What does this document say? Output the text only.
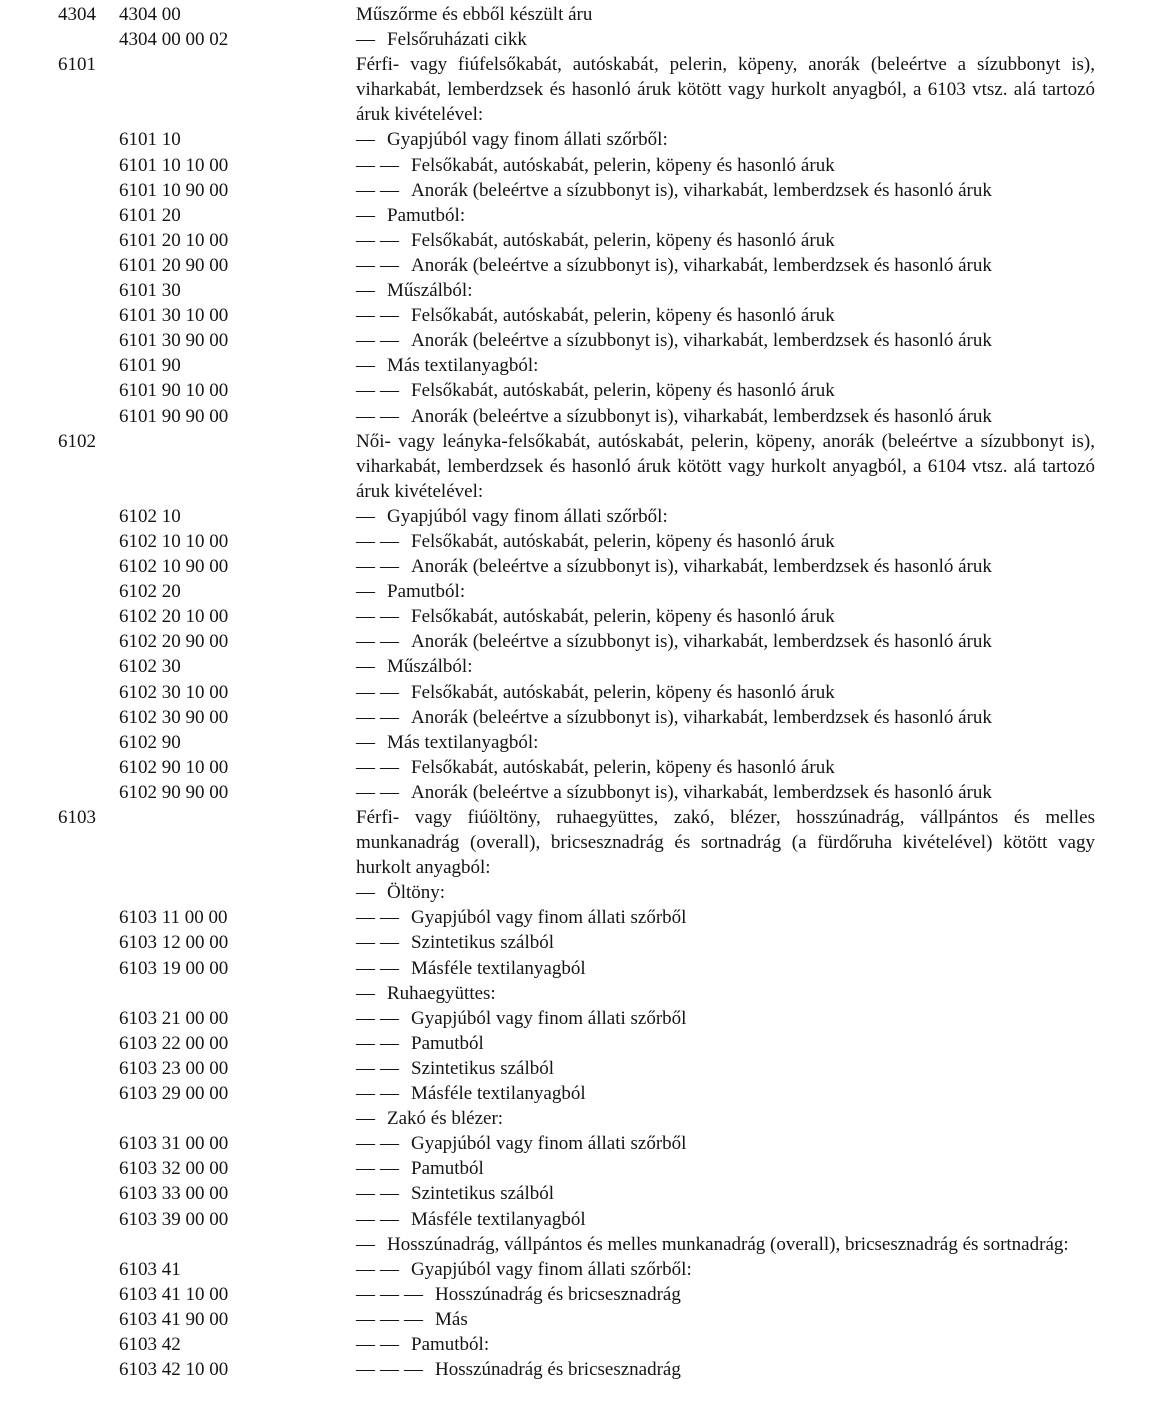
4304 4304 00	Műszőrme és ebből készült áru
4304 00 00 02	— Felsőruházati cikk
6101	Férfi- vagy fiúfelsőkabát, autóskabát, pelerin, köpeny, anorák (beleértve a sízubbonyt is), viharkabát, lemberdzsek és hasonló áruk kötött vagy hurkolt anyagból, a 6103 vtsz. alá tartozó áruk kivételével:
6101 10	— Gyapjúból vagy finom állati szőrből:
6101 10 10 00	— — Felsőkabát, autóskabát, pelerin, köpeny és hasonló áruk
6101 10 90 00	— — Anorák (beleértve a sízubbonyt is), viharkabát, lemberdzsek és hasonló áruk
6101 20	— Pamutból:
6101 20 10 00	— — Felsőkabát, autóskabát, pelerin, köpeny és hasonló áruk
6101 20 90 00	— — Anorák (beleértve a sízubbonyt is), viharkabát, lemberdzsek és hasonló áruk
6101 30	— Műszálból:
6101 30 10 00	— — Felsőkabát, autóskabát, pelerin, köpeny és hasonló áruk
6101 30 90 00	— — Anorák (beleértve a sízubbonyt is), viharkabát, lemberdzsek és hasonló áruk
6101 90	— Más textilanyagból:
6101 90 10 00	— — Felsőkabát, autóskabát, pelerin, köpeny és hasonló áruk
6101 90 90 00	— — Anorák (beleértve a sízubbonyt is), viharkabát, lemberdzsek és hasonló áruk
6102	Női- vagy leányka-felsőkabát, autóskabát, pelerin, köpeny, anorák (beleértve a sízubbonyt is), viharkabát, lemberdzsek és hasonló áruk kötött vagy hurkolt anyagból, a 6104 vtsz. alá tartozó áruk kivételével:
6102 10	— Gyapjúból vagy finom állati szőrből:
6102 10 10 00	— — Felsőkabát, autóskabát, pelerin, köpeny és hasonló áruk
6102 10 90 00	— — Anorák (beleértve a sízubbonyt is), viharkabát, lemberdzsek és hasonló áruk
6102 20	— Pamutból:
6102 20 10 00	— — Felsőkabát, autóskabát, pelerin, köpeny és hasonló áruk
6102 20 90 00	— — Anorák (beleértve a sízubbonyt is), viharkabát, lemberdzsek és hasonló áruk
6102 30	— Műszálból:
6102 30 10 00	— — Felsőkabát, autóskabát, pelerin, köpeny és hasonló áruk
6102 30 90 00	— — Anorák (beleértve a sízubbonyt is), viharkabát, lemberdzsek és hasonló áruk
6102 90	— Más textilanyagból:
6102 90 10 00	— — Felsőkabát, autóskabát, pelerin, köpeny és hasonló áruk
6102 90 90 00	— — Anorák (beleértve a sízubbonyt is), viharkabát, lemberdzsek és hasonló áruk
6103	Férfi- vagy fiúöltöny, ruhaegyüttes, zakó, blézer, hosszúnadrág, vállpántos és melles munkanadrág (overall), bricsesznadrág és sortnadrág (a fürdőruha kivételével) kötött vagy hurkolt anyagból:
— Öltöny:
6103 11 00 00	— — Gyapjúból vagy finom állati szőrből
6103 12 00 00	— — Szintetikus szálból
6103 19 00 00	— — Másféle textilanyagból
— Ruhaegyüttes:
6103 21 00 00	— — Gyapjúból vagy finom állati szőrből
6103 22 00 00	— — Pamutból
6103 23 00 00	— — Szintetikus szálból
6103 29 00 00	— — Másféle textilanyagból
— Zakó és blézer:
6103 31 00 00	— — Gyapjúból vagy finom állati szőrből
6103 32 00 00	— — Pamutból
6103 33 00 00	— — Szintetikus szálból
6103 39 00 00	— — Másféle textilanyagból
— Hosszúnadrág, vállpántos és melles munkanadrág (overall), bricsesznadrág és sortnadrág:
6103 41	— — Gyapjúból vagy finom állati szőrből:
6103 41 10 00	— — — Hosszúnadrág és bricsesznadrág
6103 41 90 00	— — — Más
6103 42	— — Pamutból:
6103 42 10 00	— — — Hosszúnadrág és bricsesznadrág
